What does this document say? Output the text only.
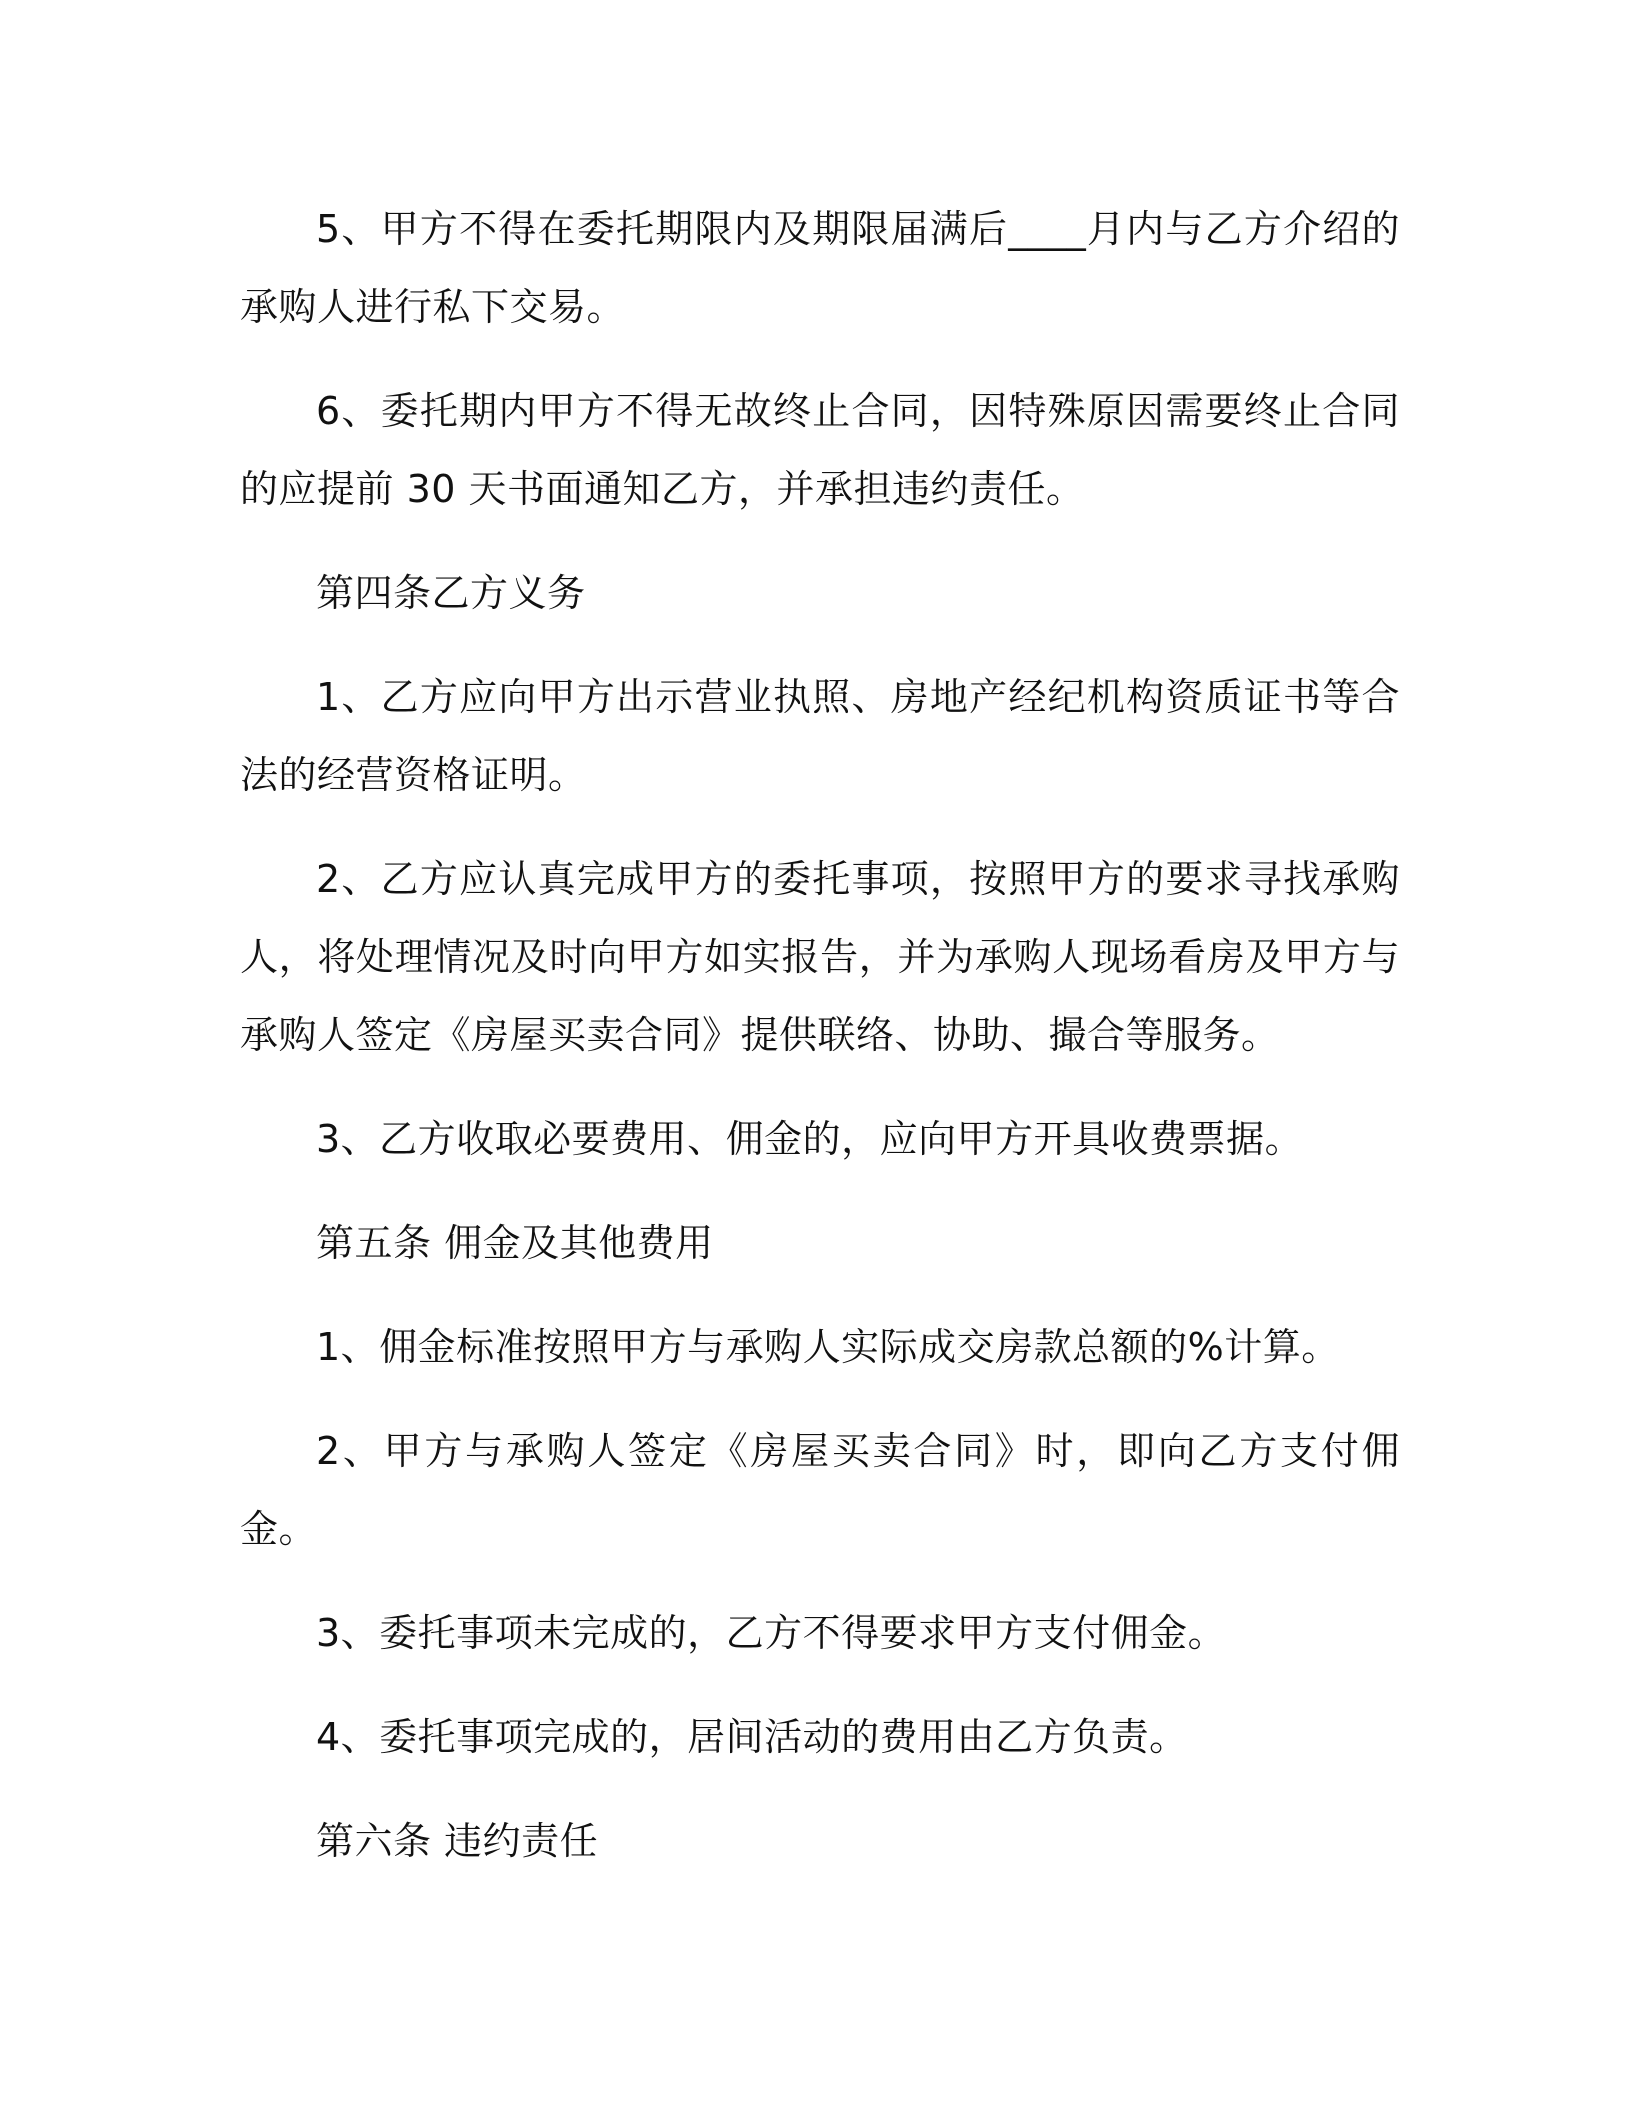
5、甲方不得在委托期限内及期限届满后____月内与乙方介绍的承购人进行私下交易。

6、委托期内甲方不得无故终止合同，因特殊原因需要终止合同的应提前 30 天书面通知乙方，并承担违约责任。

第四条乙方义务

1、乙方应向甲方出示营业执照、房地产经纪机构资质证书等合法的经营资格证明。

2、乙方应认真完成甲方的委托事项，按照甲方的要求寻找承购人，将处理情况及时向甲方如实报告，并为承购人现场看房及甲方与承购人签定《房屋买卖合同》提供联络、协助、撮合等服务。

3、乙方收取必要费用、佣金的，应向甲方开具收费票据。

第五条 佣金及其他费用

1、佣金标准按照甲方与承购人实际成交房款总额的%计算。

2、甲方与承购人签定《房屋买卖合同》时，即向乙方支付佣金。

3、委托事项未完成的，乙方不得要求甲方支付佣金。

4、委托事项完成的，居间活动的费用由乙方负责。

第六条 违约责任
